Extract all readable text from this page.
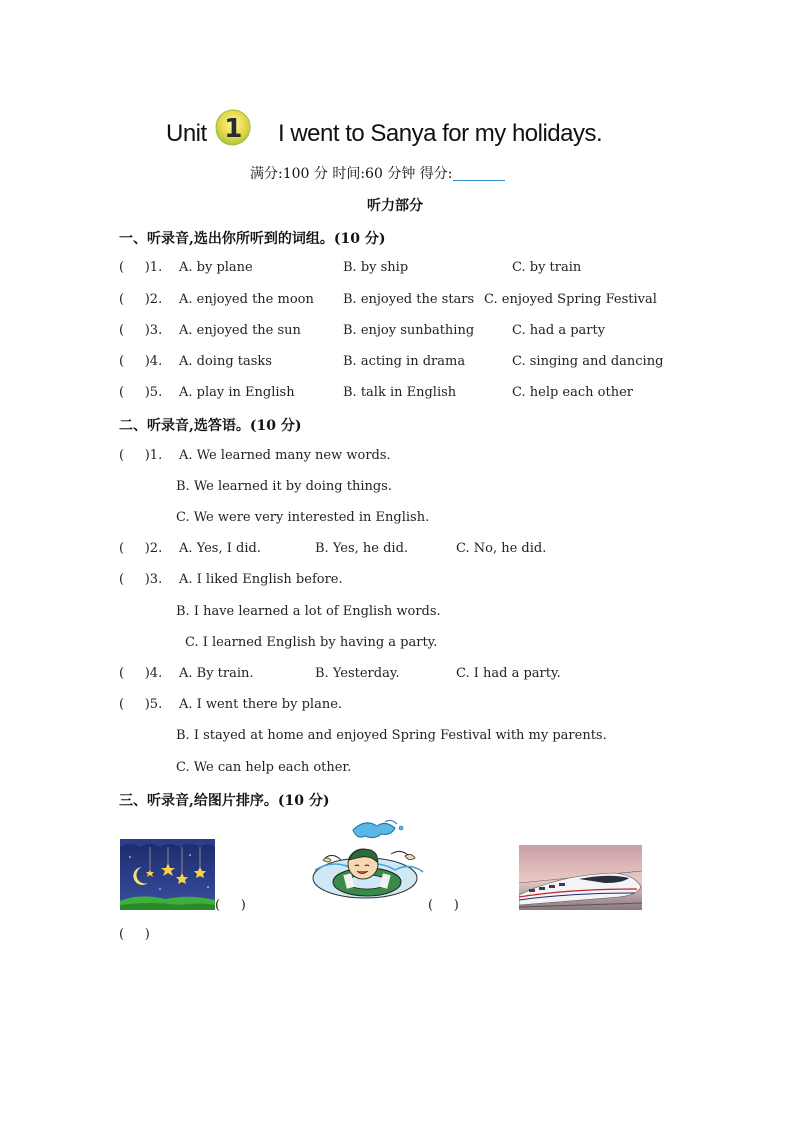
Unit 1 I went to Sanya for my holidays.
满分:100 分 时间:60 分钟 得分:
听力部分
一、听录音,选出你所听到的词组。(10 分)
(     )1. A. by plane	B. by ship	C. by train
(     )2. A. enjoyed the moon B. enjoyed the stars C. enjoyed Spring Festival
(     )3. A. enjoyed the sun	B. enjoy sunbathing	C. had a party
(     )4. A. doing tasks	B. acting in drama	C. singing and dancing
(     )5. A. play in English	B. talk in English	C. help each other
二、听录音,选答语。(10 分)
(     )1. A. We learned many new words.
B. We learned it by doing things.
C. We were very interested in English.
(     )2. A. Yes, I did.	B. Yes, he did.	C. No, he did.
(     )3. A. I liked English before.
B. I have learned a lot of English words.
C. I learned English by having a party.
(     )4. A. By train.	B. Yesterday.	C. I had a party.
(     )5. A. I went there by plane.
B. I stayed at home and enjoyed Spring Festival with my parents.
C. We can help each other.
三、听录音,给图片排序。(10 分)
(     )	(     )
(     )
